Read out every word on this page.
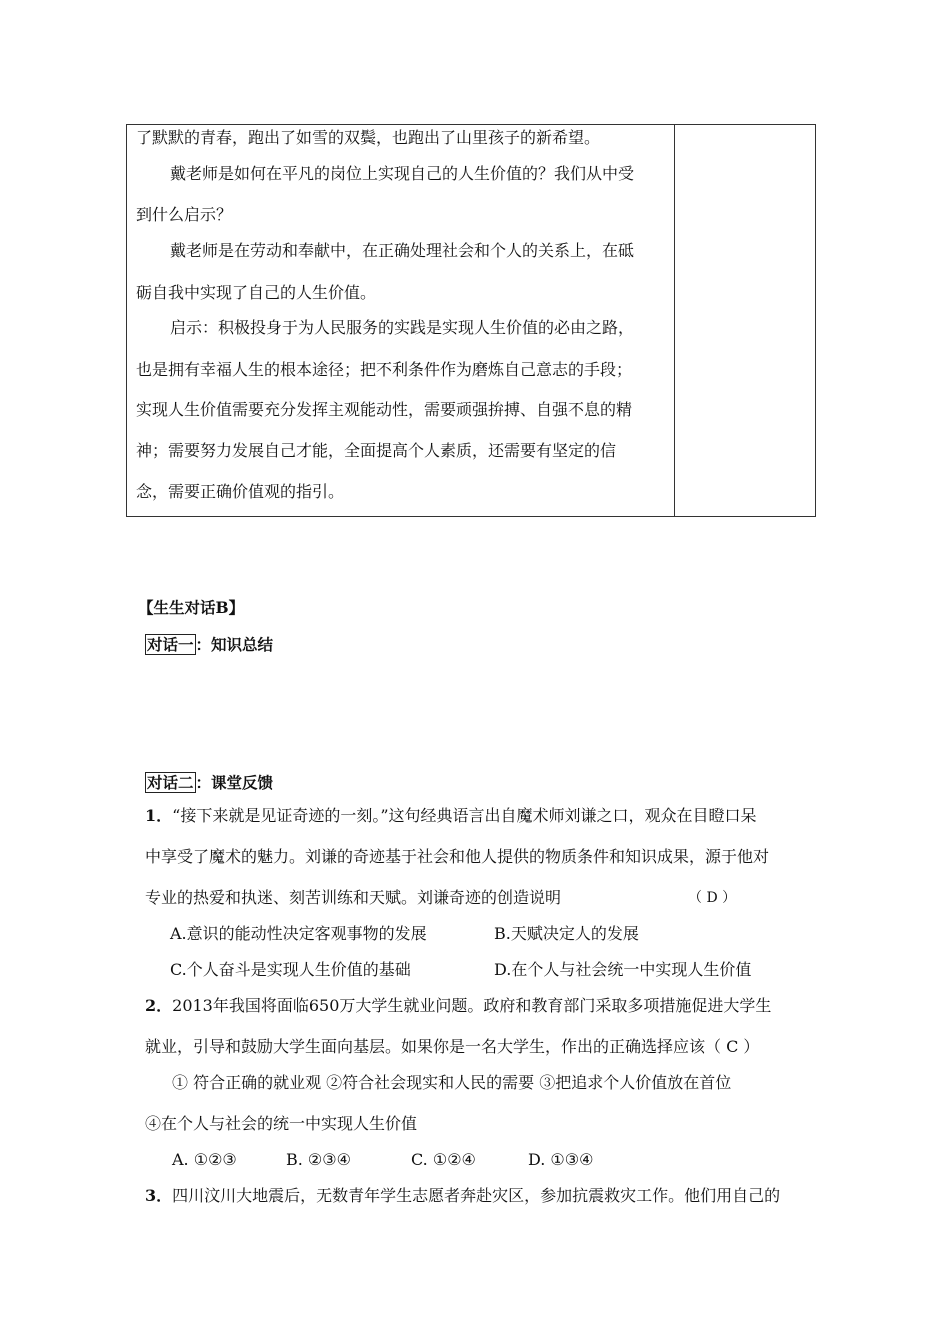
了默默的青春，跑出了如雪的双鬓，也跑出了山里孩子的新希望。
戴老师是如何在平凡的岗位上实现自己的人生价值的？我们从中受
到什么启示？
戴老师是在劳动和奉献中，在正确处理社会和个人的关系上，在砥
砺自我中实现了自己的人生价值。
启示：积极投身于为人民服务的实践是实现人生价值的必由之路，
也是拥有幸福人生的根本途径；把不利条件作为磨炼自己意志的手段；
实现人生价值需要充分发挥主观能动性，需要顽强拚搏、自强不息的精
神；需要努力发展自己才能，全面提高个人素质，还需要有坚定的信
念，需要正确价值观的指引。
【生生对话B】
对话一 ：知识总结
对话二 ：课堂反馈
1．“接下来就是见证奇迹的一刻。”这句经典语言出自魔术师刘谦之口，观众在目瞪口呆
中享受了魔术的魅力。刘谦的奇迹基于社会和他人提供的物质条件和知识成果，源于他对
专业的热爱和执迷、刻苦训练和天赋。刘谦奇迹的创造说明	（ D ）
A.意识的能动性决定客观事物的发展	B.天赋决定人的发展
C.个人奋斗是实现人生价值的基础	D.在个人与社会统一中实现人生价值
2．2013年我国将面临650万大学生就业问题。政府和教育部门采取多项措施促进大学生
就业，引导和鼓励大学生面向基层。如果你是一名大学生，作出的正确选择应该（ C ）
① 符合正确的就业观 ②符合社会现实和人民的需要 ③把追求个人价值放在首位
④在个人与社会的统一中实现人生价值
A. ①②③	B. ②③④	C. ①②④	D. ①③④
3．四川汶川大地震后，无数青年学生志愿者奔赴灾区，参加抗震救灾工作。他们用自己的
